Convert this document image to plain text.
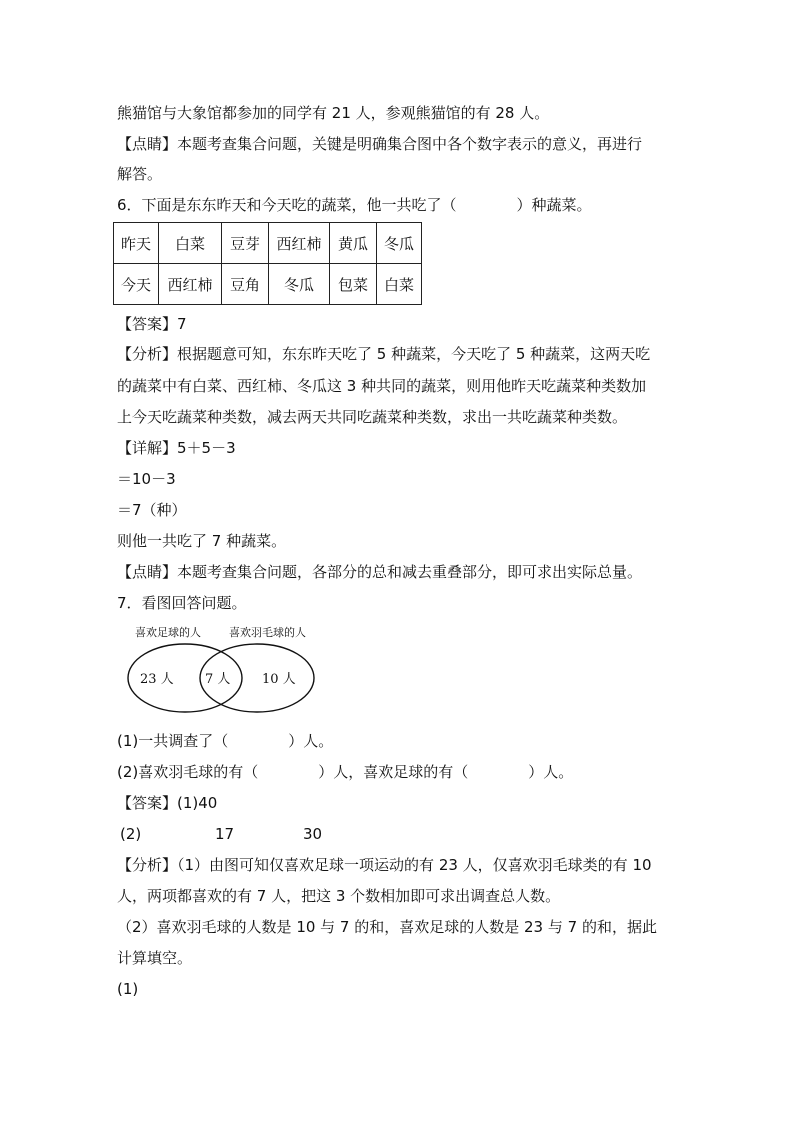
熊猫馆与大象馆都参加的同学有 21 人，参观熊猫馆的有 28 人。
【点睛】本题考查集合问题，关键是明确集合图中各个数字表示的意义，再进行
解答。
6．下面是东东昨天和今天吃的蔬菜，他一共吃了（	）种蔬菜。
昨天	白菜	豆芽	西红柿	黄瓜	冬瓜
今天	西红柿	豆角	冬瓜	包菜	白菜
【答案】7
【分析】根据题意可知，东东昨天吃了 5 种蔬菜，今天吃了 5 种蔬菜，这两天吃
的蔬菜中有白菜、西红柿、冬瓜这 3 种共同的蔬菜，则用他昨天吃蔬菜种类数加
上今天吃蔬菜种类数，减去两天共同吃蔬菜种类数，求出一共吃蔬菜种类数。
【详解】5＋5－3
＝10－3
＝7（种）
则他一共吃了 7 种蔬菜。
【点睛】本题考查集合问题，各部分的总和减去重叠部分，即可求出实际总量。
7．看图回答问题。
喜欢足球的人	喜欢羽毛球的人
23 人 7 人 10 人
(1)一共调查了（	）人。
(2)喜欢羽毛球的有（	）人，喜欢足球的有（	）人。
【答案】(1)40
(2)	17	30
【分析】（1）由图可知仅喜欢足球一项运动的有 23 人，仅喜欢羽毛球类的有 10
人，两项都喜欢的有 7 人，把这 3 个数相加即可求出调查总人数。
（2）喜欢羽毛球的人数是 10 与 7 的和，喜欢足球的人数是 23 与 7 的和，据此
计算填空。
(1)
